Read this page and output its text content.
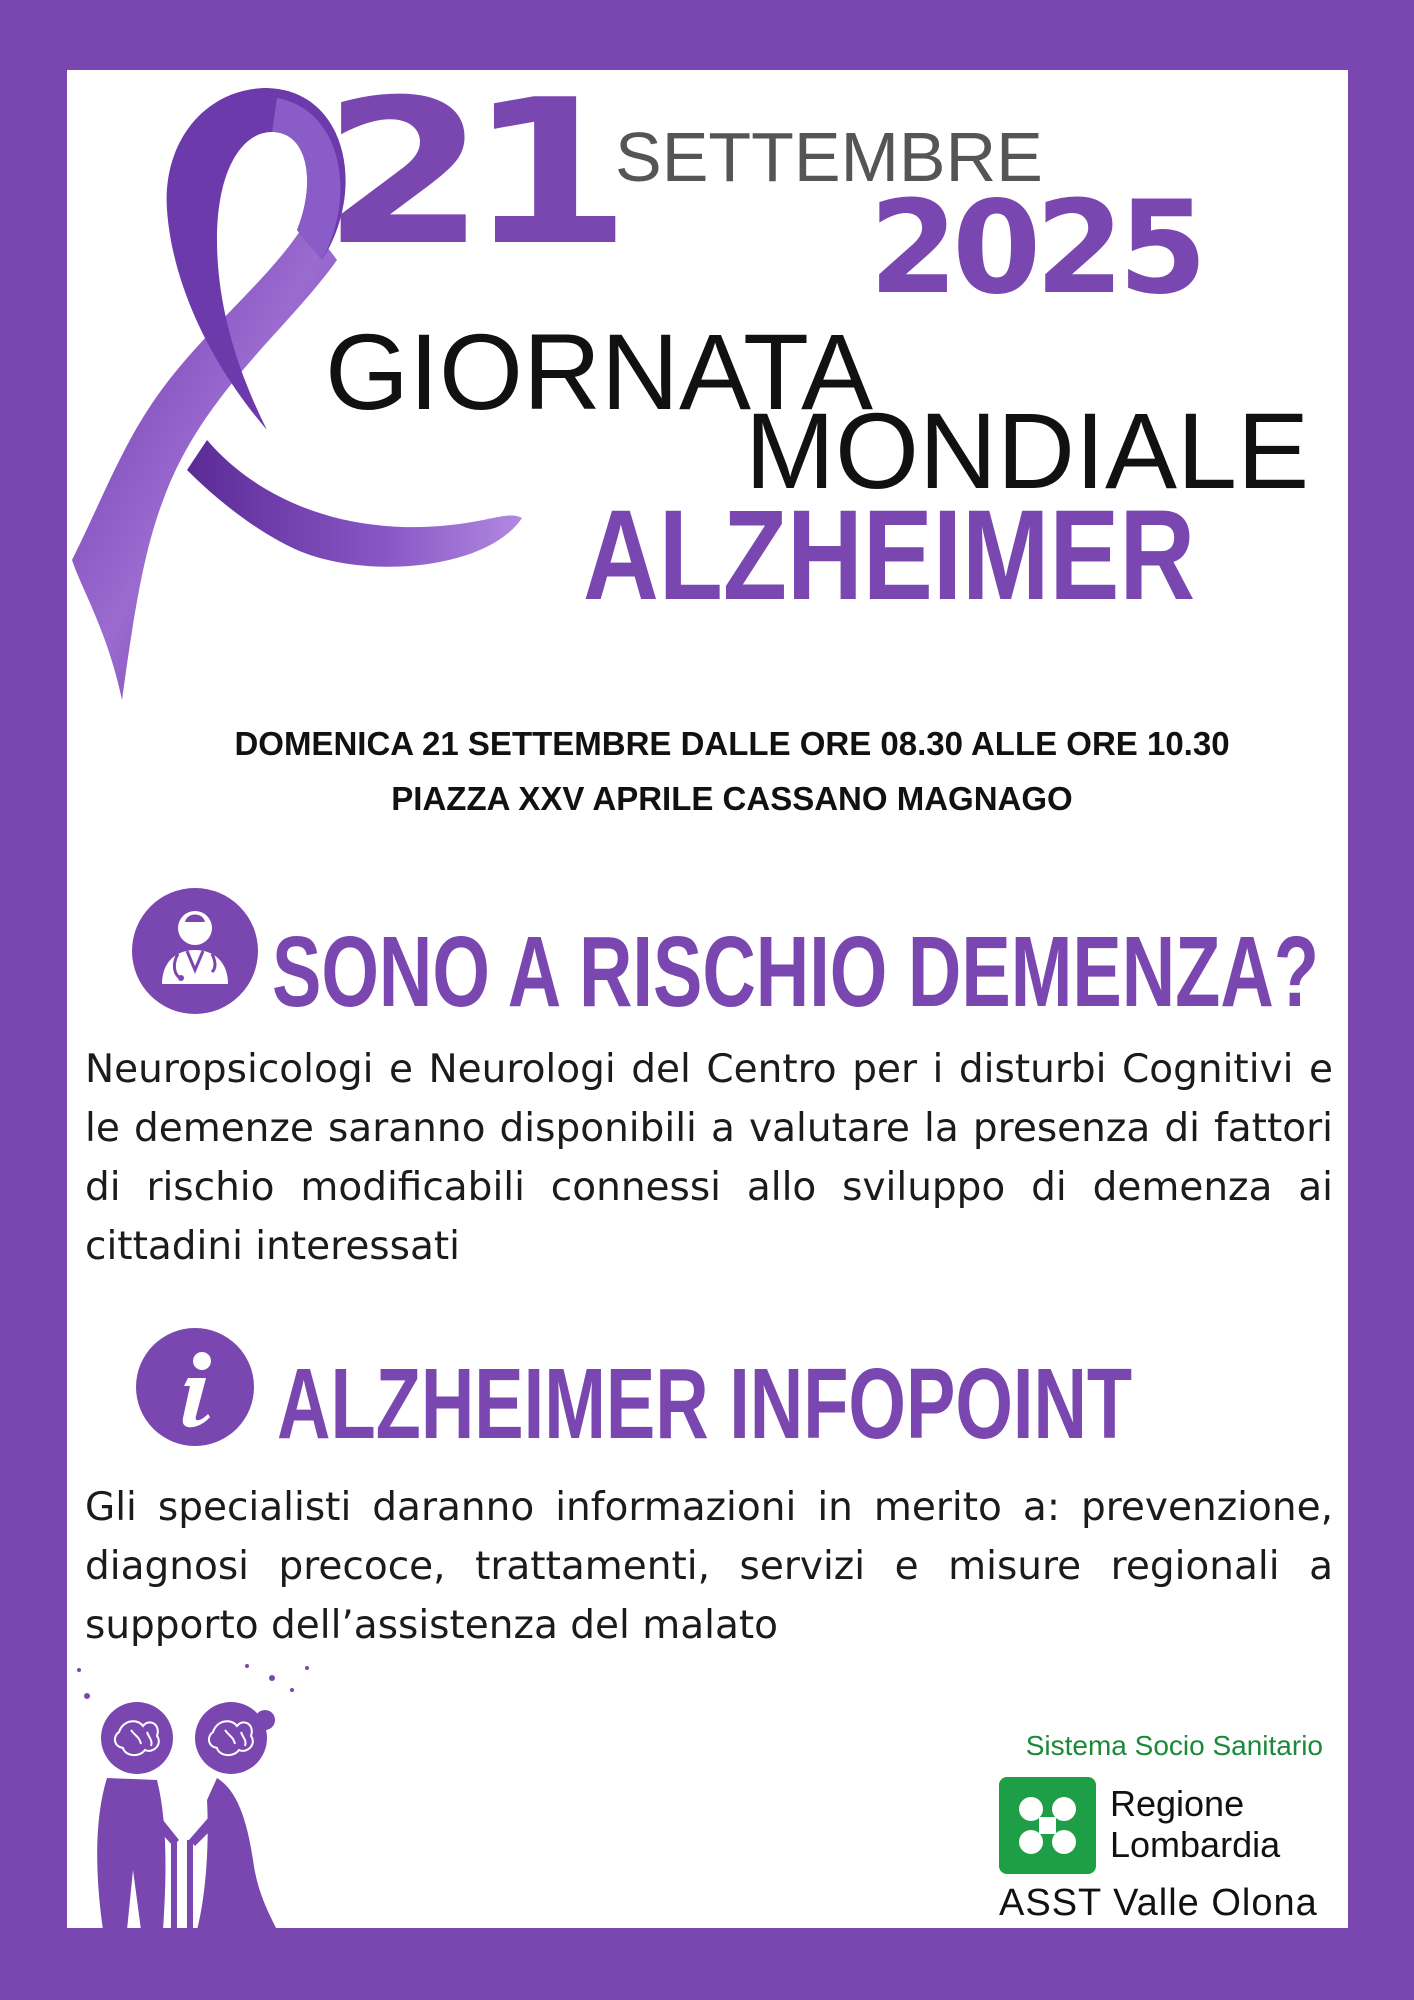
21 SETTEMBRE
2025
GIORNATA
MONDIALE
ALZHEIMER
DOMENICA 21 SETTEMBRE DALLE ORE 08.30 ALLE ORE 10.30
PIAZZA XXV APRILE CASSANO MAGNAGO
SONO A RISCHIO DEMENZA?
Neuropsicologi e Neurologi del Centro per i disturbi Cognitivi e le demenze saranno disponibili a valutare la presenza di fattori di rischio modificabili connessi allo sviluppo di demenza ai cittadini interessati
ALZHEIMER INFOPOINT
Gli specialisti daranno informazioni in merito a: prevenzione, diagnosi precoce, trattamenti, servizi e misure regionali a supporto dell’assistenza del malato
Sistema Socio Sanitario
Regione
Lombardia
ASST Valle Olona
